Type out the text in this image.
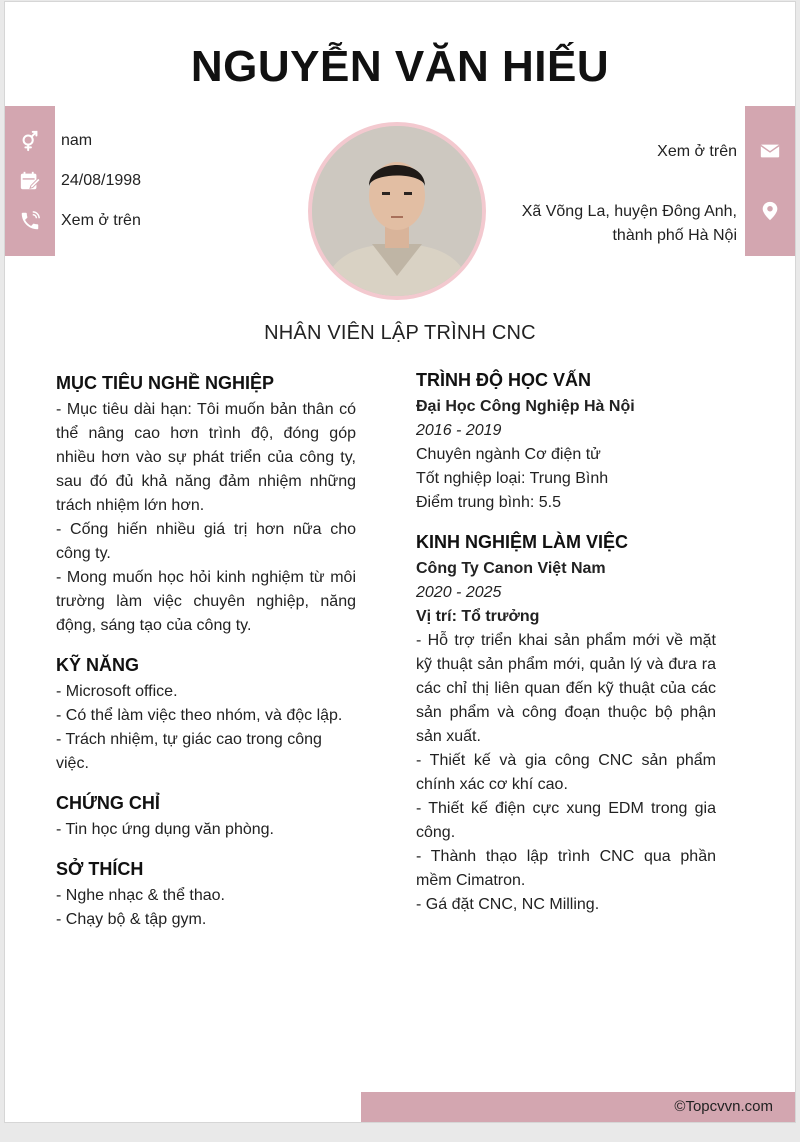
NGUYỄN VĂN HIẾU
nam
24/08/1998
Xem ở trên
Xem ở trên
Xã Võng La, huyện Đông Anh,
thành phố Hà Nội
NHÂN VIÊN LẬP TRÌNH CNC
MỤC TIÊU NGHỀ NGHIỆP
- Mục tiêu dài hạn: Tôi muốn bản thân có thể nâng cao hơn trình độ, đóng góp nhiều hơn vào sự phát triển của công ty, sau đó đủ khả năng đảm nhiệm những trách nhiệm lớn hơn.
- Cống hiến nhiều giá trị hơn nữa cho công ty.
- Mong muốn học hỏi kinh nghiệm từ môi trường làm việc chuyên nghiệp, năng động, sáng tạo của công ty.
KỸ NĂNG
- Microsoft office.
- Có thể làm việc theo nhóm, và độc lập.
- Trách nhiệm, tự giác cao trong công việc.
CHỨNG CHỈ
- Tin học ứng dụng văn phòng.
SỞ THÍCH
- Nghe nhạc & thể thao.
- Chạy bộ & tập gym.
TRÌNH ĐỘ HỌC VẤN
Đại Học Công Nghiệp Hà Nội
2016 - 2019
Chuyên ngành Cơ điện tử
Tốt nghiệp loại: Trung Bình
Điểm trung bình: 5.5
KINH NGHIỆM LÀM VIỆC
Công Ty Canon Việt Nam
2020 - 2025
Vị trí: Tổ trưởng
- Hỗ trợ triển khai sản phẩm mới về mặt kỹ thuật sản phẩm mới, quản lý và đưa ra các chỉ thị liên quan đến kỹ thuật của các sản phẩm và công đoạn thuộc bộ phận sản xuất.
- Thiết kế và gia công CNC sản phẩm chính xác cơ khí cao.
- Thiết kế điện cực xung EDM trong gia công.
- Thành thạo lập trình CNC qua phần mềm Cimatron.
- Gá đặt CNC, NC Milling.
©Topcvvn.com
